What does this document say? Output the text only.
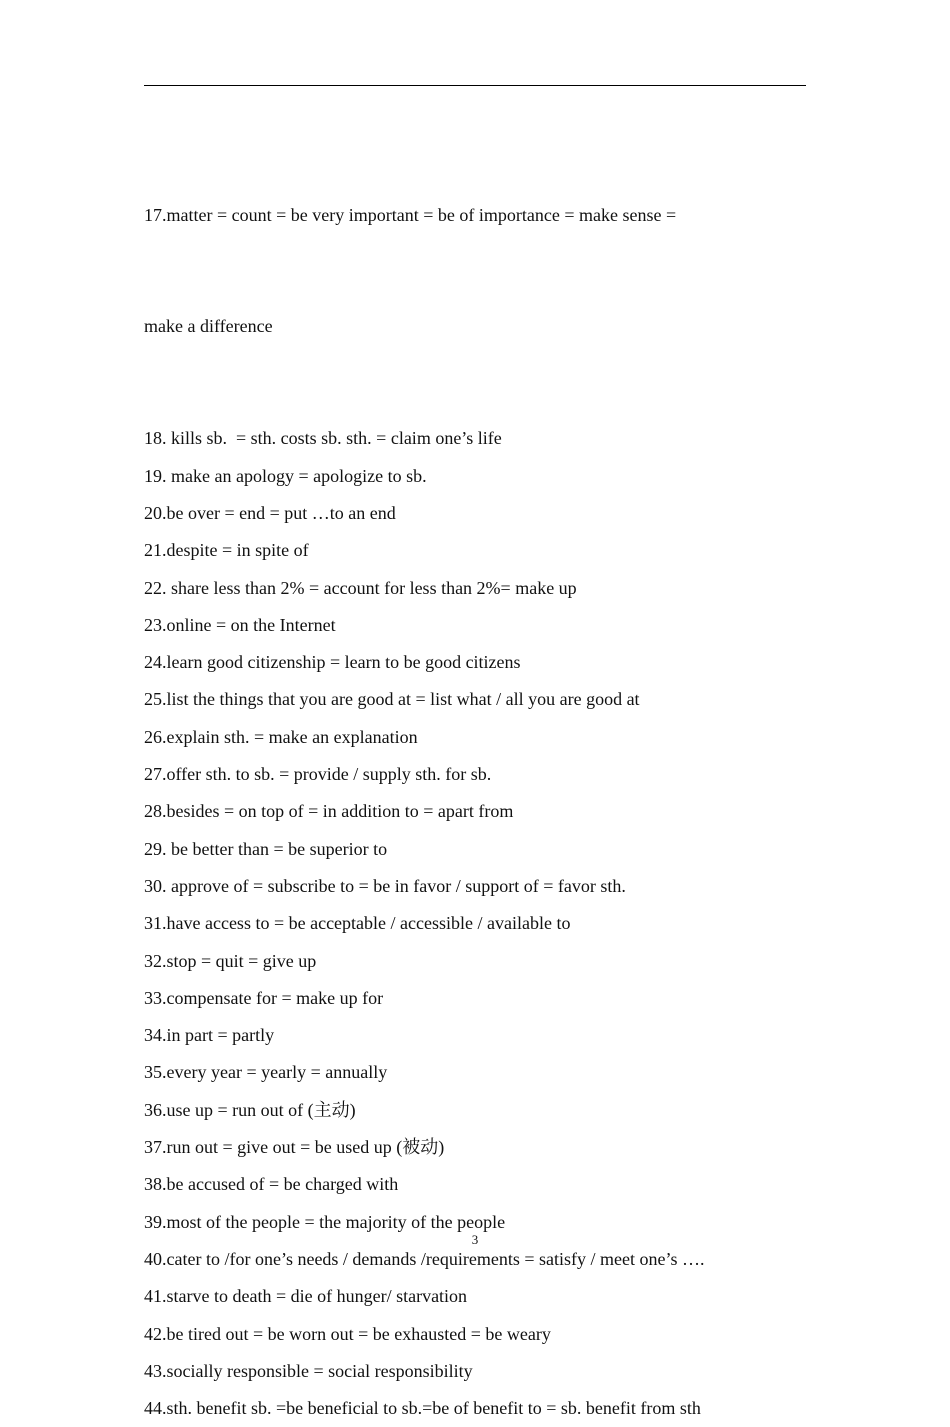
17.matter = count = be very important = be of importance = make sense =

make a difference

18. kills sb.  = sth. costs sb. sth. = claim one’s life

19. make an apology = apologize to sb.

20.be over = end = put …to an end

21.despite = in spite of

22. share less than 2% = account for less than 2%= make up

23.online = on the Internet

24.learn good citizenship = learn to be good citizens

25.list the things that you are good at = list what / all you are good at

26.explain sth. = make an explanation

27.offer sth. to sb. = provide / supply sth. for sb.

28.besides = on top of = in addition to = apart from

29. be better than = be superior to

30. approve of = subscribe to = be in favor / support of = favor sth.

31.have access to = be acceptable / accessible / available to

32.stop = quit = give up

33.compensate for = make up for

34.in part = partly

35.every year = yearly = annually

36.use up = run out of (主动)

37.run out = give out = be used up (被动)

38.be accused of = be charged with

39.most of the people = the majority of the people

40.cater to /for one’s needs / demands /requirements = satisfy / meet one’s ….

41.starve to death = die of hunger/ starvation

42.be tired out = be worn out = be exhausted = be weary

43.socially responsible = social responsibility

44.sth. benefit sb. =be beneficial to sb.=be of benefit to = sb. benefit from sth

3
